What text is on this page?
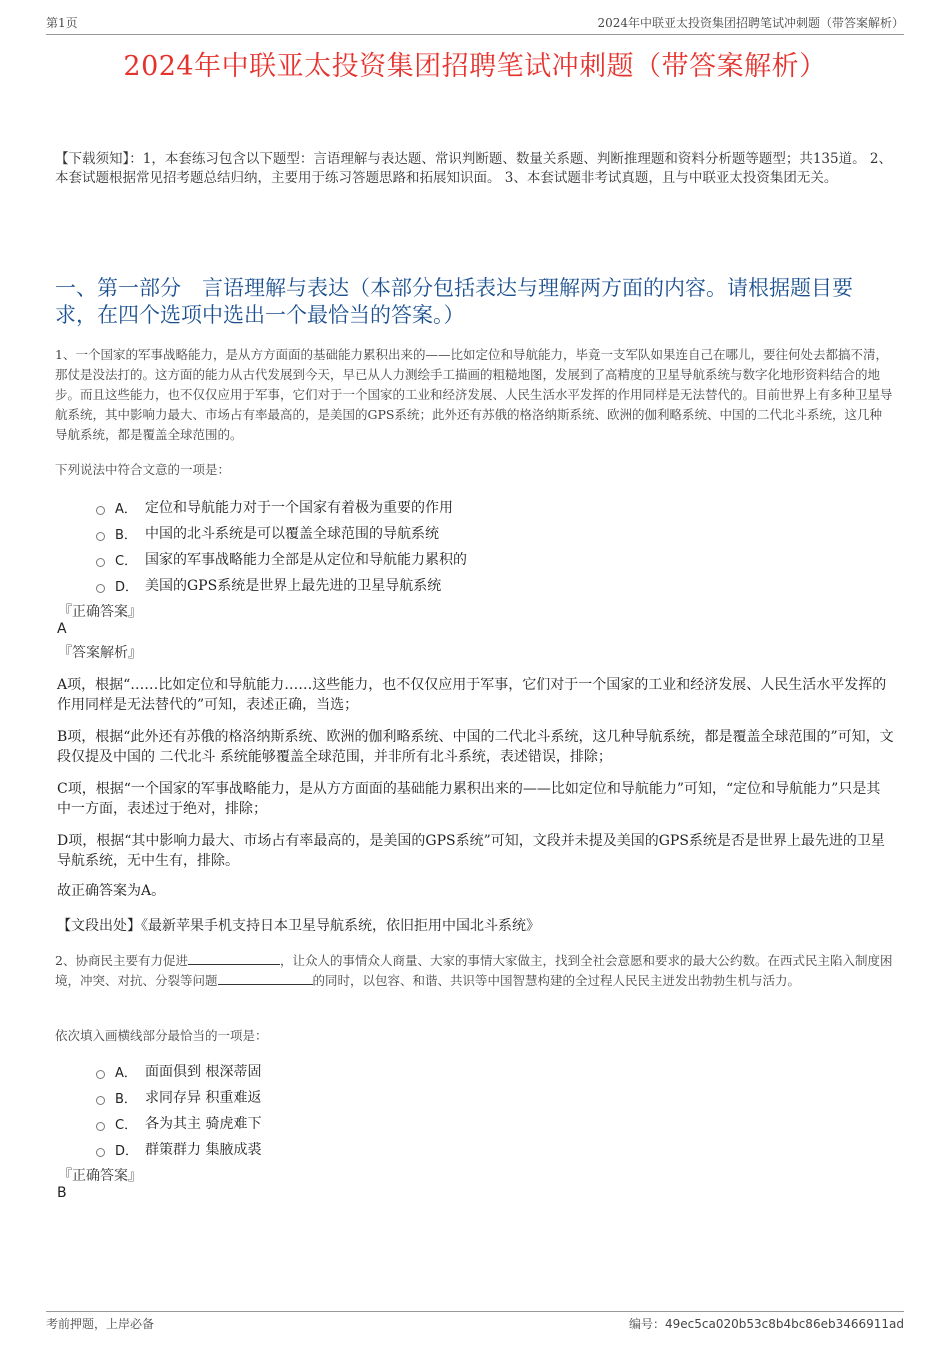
第1页	2024年中联亚太投资集团招聘笔试冲刺题（带答案解析）
2024年中联亚太投资集团招聘笔试冲刺题（带答案解析）
【下载须知】：1，本套练习包含以下题型：言语理解与表达题、常识判断题、数量关系题、判断推理题和资料分析题等题型；共135道。 2、本套试题根据常见招考题总结归纳，主要用于练习答题思路和拓展知识面。 3、本套试题非考试真题，且与中联亚太投资集团无关。
一、第一部分　言语理解与表达（本部分包括表达与理解两方面的内容。请根据题目要求，在四个选项中选出一个最恰当的答案。）
1、一个国家的军事战略能力，是从方方面面的基础能力累积出来的——比如定位和导航能力，毕竟一支军队如果连自己在哪儿，要往何处去都搞不清，那仗是没法打的。这方面的能力从古代发展到今天，早已从人力测绘手工描画的粗糙地图，发展到了高精度的卫星导航系统与数字化地形资料结合的地步。而且这些能力，也不仅仅应用于军事，它们对于一个国家的工业和经济发展、人民生活水平发挥的作用同样是无法替代的。目前世界上有多种卫星导航系统，其中影响力最大、市场占有率最高的，是美国的GPS系统；此外还有苏俄的格洛纳斯系统、欧洲的伽利略系统、中国的二代北斗系统，这几种导航系统，都是覆盖全球范围的。
下列说法中符合文意的一项是：
A． 定位和导航能力对于一个国家有着极为重要的作用
B． 中国的北斗系统是可以覆盖全球范围的导航系统
C． 国家的军事战略能力全部是从定位和导航能力累积的
D． 美国的GPS系统是世界上最先进的卫星导航系统
『正确答案』
A
『答案解析』
A项，根据“……比如定位和导航能力……这些能力，也不仅仅应用于军事，它们对于一个国家的工业和经济发展、人民生活水平发挥的作用同样是无法替代的”可知，表述正确，当选；
B项，根据“此外还有苏俄的格洛纳斯系统、欧洲的伽利略系统、中国的二代北斗系统，这几种导航系统，都是覆盖全球范围的”可知，文段仅提及中国的 二代北斗 系统能够覆盖全球范围，并非所有北斗系统，表述错误，排除；
C项，根据“一个国家的军事战略能力，是从方方面面的基础能力累积出来的——比如定位和导航能力”可知，“定位和导航能力”只是其中一方面，表述过于绝对，排除；
D项，根据“其中影响力最大、市场占有率最高的，是美国的GPS系统”可知，文段并未提及美国的GPS系统是否是世界上最先进的卫星导航系统，无中生有，排除。
故正确答案为A。
【文段出处】《最新苹果手机支持日本卫星导航系统，依旧拒用中国北斗系统》
2、协商民主要有力促进	，让众人的事情众人商量、大家的事情大家做主，找到全社会意愿和要求的最大公约数。在西式民主陷入制度困境，冲突、对抗、分裂等问题	的同时，以包容、和谐、共识等中国智慧构建的全过程人民民主迸发出勃勃生机与活力。
依次填入画横线部分最恰当的一项是：
A． 面面俱到 根深蒂固
B． 求同存异 积重难返
C． 各为其主 骑虎难下
D． 群策群力 集腋成裘
『正确答案』
B
考前押题，上岸必备	编号：49ec5ca020b53c8b4bc86eb3466911ad
